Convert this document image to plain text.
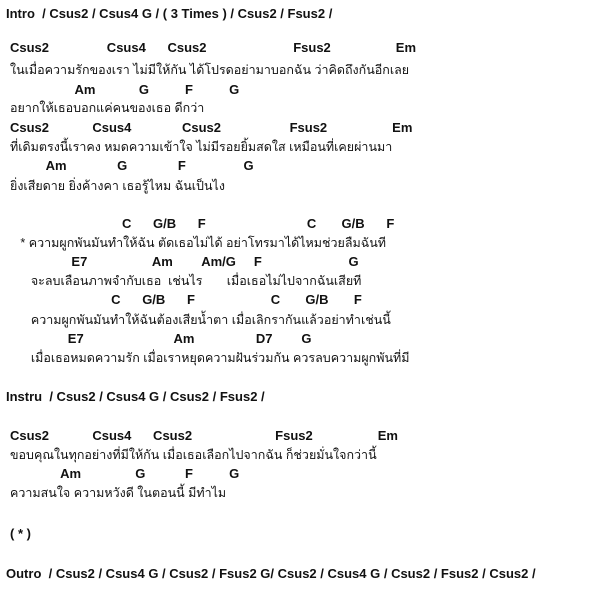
Intro  / Csus2 / Csus4 G / ( 3 Times ) / Csus2 / Fsus2 /
Csus2                Csus4      Csus2                        Fsus2                  Em
ในเมื่อความรักของเรา ไม่มีให้กัน ได้โปรดอย่ามาบอกฉัน ว่าคิดถึงกันอีกเลย
Am            G          F          G
อยากให้เธอบอกแค่คนของเธอ ดีกว่า
Csus2            Csus4              Csus2                   Fsus2                  Em
ที่เดิมตรงนี้เราคง หมดความเข้าใจ ไม่มีรอยยิ้มสดใส เหมือนที่เคยผ่านมา
Am              G              F                G
ยิ่งเสียดาย ยิ่งค้างคา เธอรู้ไหม ฉันเป็นไง
C      G/B      F                            C       G/B      F
* ความผูกพันมันทำให้ฉัน ตัดเธอไม่ได้ อย่าโทรมาได้ไหมช่วยลืมฉันที
E7                  Am        Am/G     F                        G
จะลบเลือนภาพจำกับเธอ  เช่นไร       เมื่อเธอไม่ไปจากฉันเสียที
C      G/B      F                     C       G/B       F
ความผูกพันมันทำให้ฉันต้องเสียน้ำตา เมื่อเลิกรากันแล้วอย่าทำเช่นนี้
E7                         Am                 D7        G
เมื่อเธอหมดความรัก เมื่อเราหยุดความฝันร่วมกัน ควรลบความผูกพันที่มี
Instru  / Csus2 / Csus4 G / Csus2 / Fsus2 /
Csus2            Csus4      Csus2                       Fsus2                  Em
ขอบคุณในทุกอย่างที่มีให้กัน เมื่อเธอเลือกไปจากฉัน ก็ช่วยมั่นใจกว่านี้
Am               G           F          G
ความสนใจ ความหวังดี ในตอนนี้ มีทำไม
( * )
Outro  / Csus2 / Csus4 G / Csus2 / Fsus2 G/ Csus2 / Csus4 G / Csus2 / Fsus2 / Csus2 /
